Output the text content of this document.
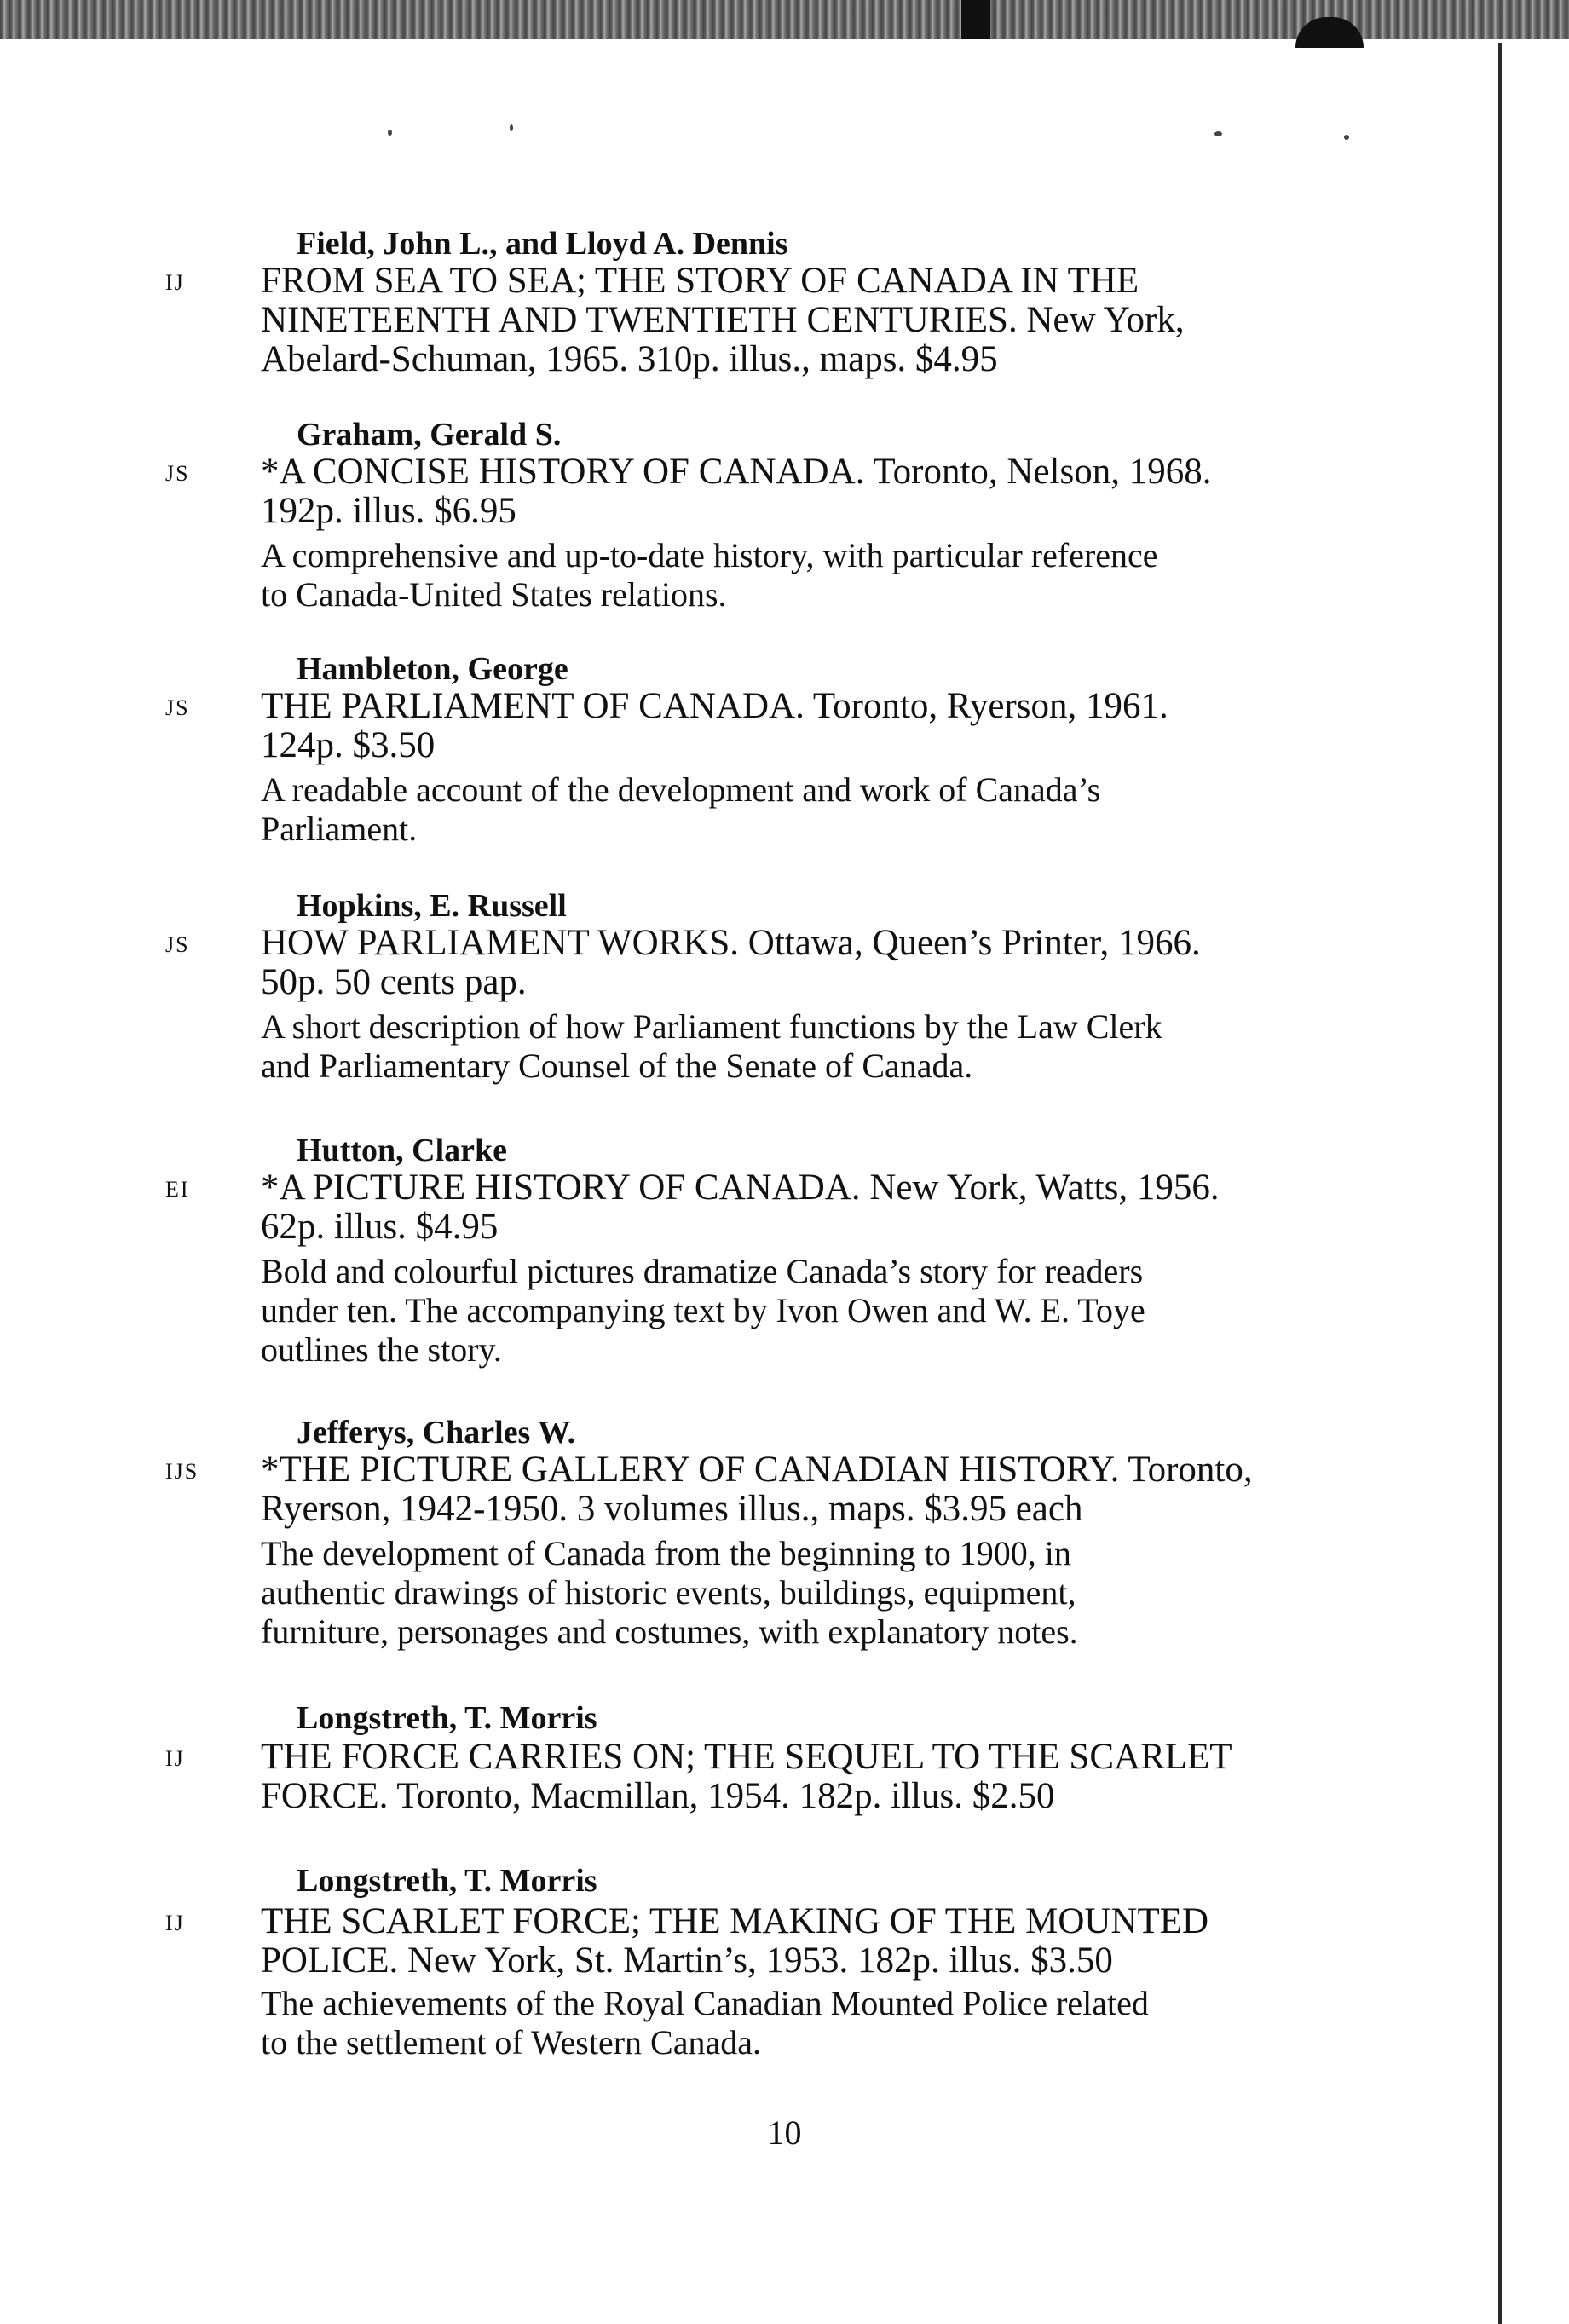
Field, John L., and Lloyd A. Dennis
IJ FROM SEA TO SEA; THE STORY OF CANADA IN THE
NINETEENTH AND TWENTIETH CENTURIES. New York,
Abelard-Schuman, 1965. 310p. illus., maps. $4.95
Graham, Gerald S.
JS *A CONCISE HISTORY OF CANADA. Toronto, Nelson, 1968.
192p. illus. $6.95
A comprehensive and up-to-date history, with particular reference
to Canada-United States relations.
Hambleton, George
JS THE PARLIAMENT OF CANADA. Toronto, Ryerson, 1961.
124p. $3.50
A readable account of the development and work of Canada’s
Parliament.
Hopkins, E. Russell
JS HOW PARLIAMENT WORKS. Ottawa, Queen’s Printer, 1966.
50p. 50 cents pap.
A short description of how Parliament functions by the Law Clerk
and Parliamentary Counsel of the Senate of Canada.
Hutton, Clarke
EI *A PICTURE HISTORY OF CANADA. New York, Watts, 1956.
62p. illus. $4.95
Bold and colourful pictures dramatize Canada’s story for readers
under ten. The accompanying text by Ivon Owen and W. E. Toye
outlines the story.
Jefferys, Charles W.
IJS *THE PICTURE GALLERY OF CANADIAN HISTORY. Toronto,
Ryerson, 1942-1950. 3 volumes illus., maps. $3.95 each
The development of Canada from the beginning to 1900, in
authentic drawings of historic events, buildings, equipment,
furniture, personages and costumes, with explanatory notes.
Longstreth, T. Morris
IJ THE FORCE CARRIES ON; THE SEQUEL TO THE SCARLET
FORCE. Toronto, Macmillan, 1954. 182p. illus. $2.50
Longstreth, T. Morris
IJ THE SCARLET FORCE; THE MAKING OF THE MOUNTED
POLICE. New York, St. Martin’s, 1953. 182p. illus. $3.50
The achievements of the Royal Canadian Mounted Police related
to the settlement of Western Canada.
10
